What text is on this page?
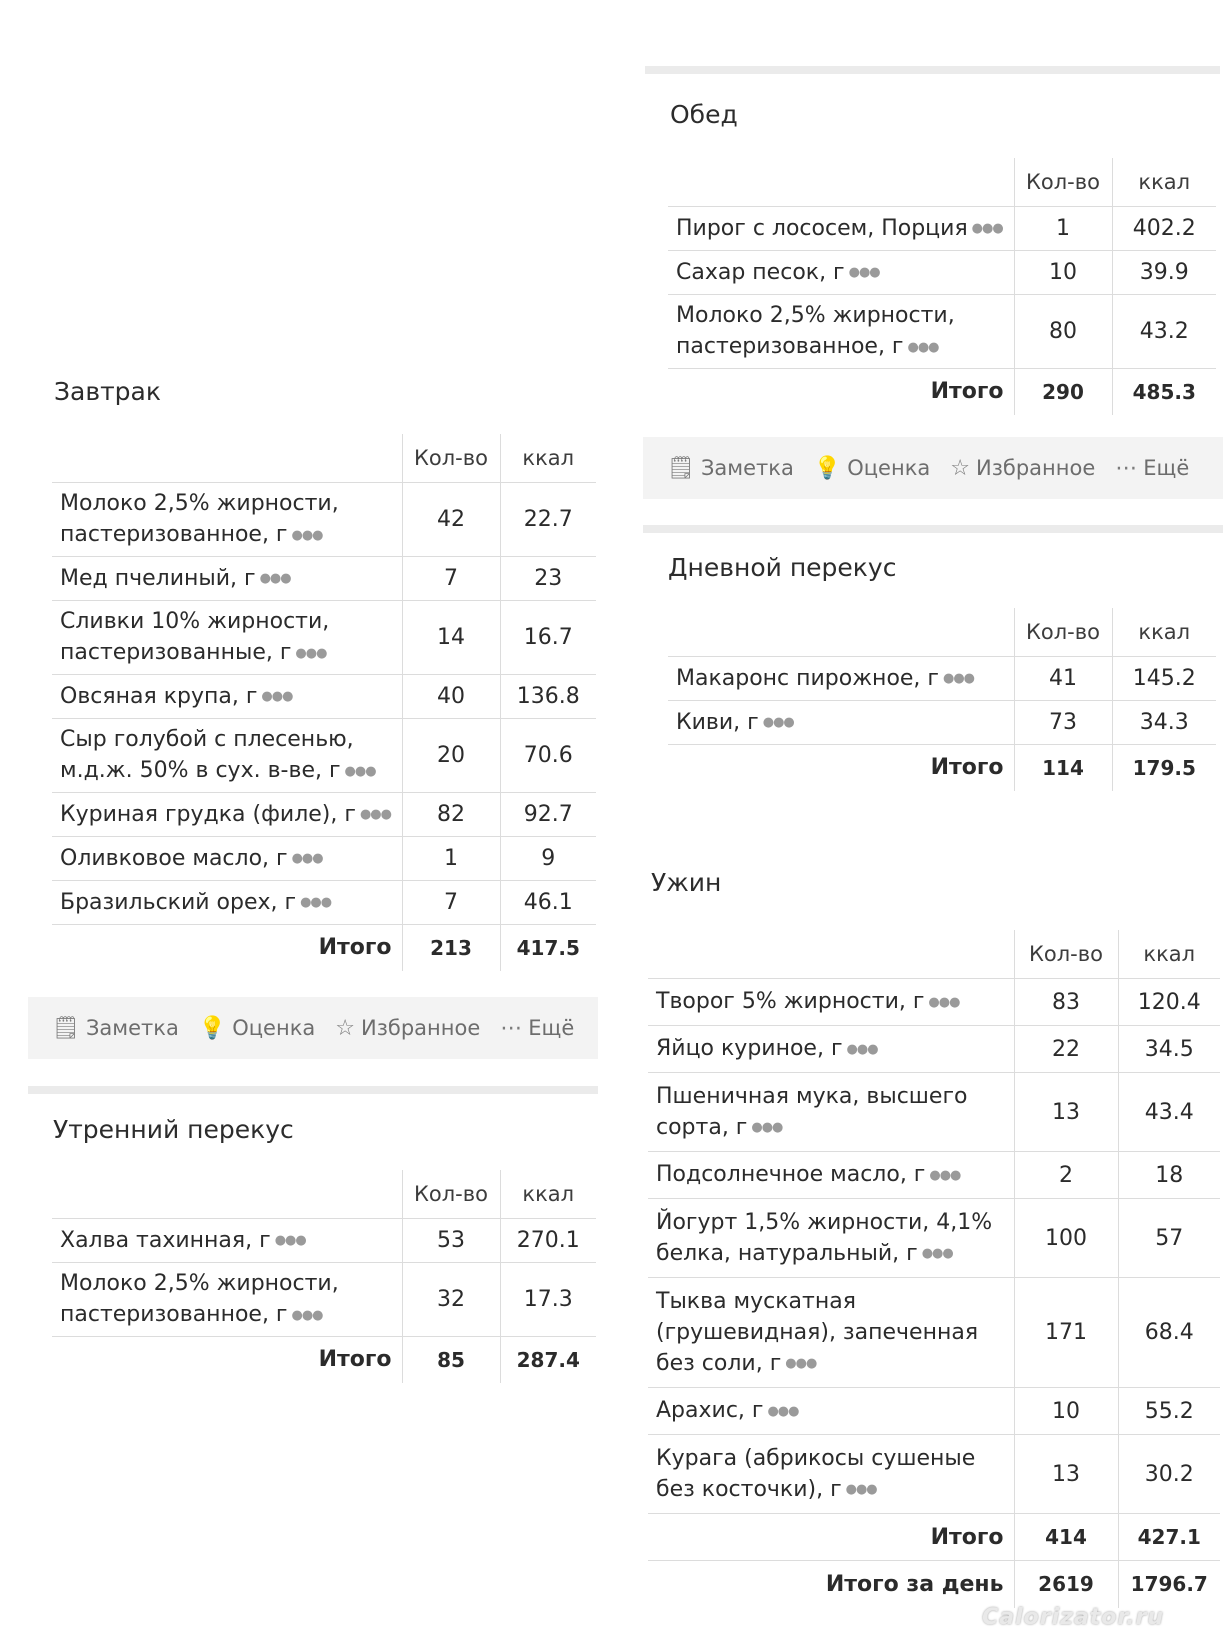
Завтрак
	Кол-во	ккал
Молоко 2,5% жирности,
пастеризованное, г ●●●	42	22.7
Мед пчелиный, г ●●●	7	23
Сливки 10% жирности,
пастеризованные, г ●●●	14	16.7
Овсяная крупа, г ●●●	40	136.8
Сыр голубой с плесенью,
м.д.ж. 50% в сух. в-ве, г ●●●	20	70.6
Куриная грудка (филе), г ●●●	82	92.7
Оливковое масло, г ●●●	1	9
Бразильский орех, г ●●●	7	46.1
Итого	213	417.5
🗒 Заметка 💡 Оценка ☆ Избранное ⋯ Ещё
Утренний перекус
	Кол-во	ккал
Халва тахинная, г ●●●	53	270.1
Молоко 2,5% жирности,
пастеризованное, г ●●●	32	17.3
Итого	85	287.4
Обед
	Кол-во	ккал
Пирог с лососем, Порция ●●●	1	402.2
Сахар песок, г ●●●	10	39.9
Молоко 2,5% жирности,
пастеризованное, г ●●●	80	43.2
Итого	290	485.3
🗒 Заметка 💡 Оценка ☆ Избранное ⋯ Ещё
Дневной перекус
	Кол-во	ккал
Макаронс пирожное, г ●●●	41	145.2
Киви, г ●●●	73	34.3
Итого	114	179.5
Ужин
	Кол-во	ккал
Творог 5% жирности, г ●●●	83	120.4
Яйцо куриное, г ●●●	22	34.5
Пшеничная мука, высшего
сорта, г ●●●	13	43.4
Подсолнечное масло, г ●●●	2	18
Йогурт 1,5% жирности, 4,1%
белка, натуральный, г ●●●	100	57
Тыква мускатная
(грушевидная), запеченная
без соли, г ●●●	171	68.4
Арахис, г ●●●	10	55.2
Курага (абрикосы сушеные
без косточки), г ●●●	13	30.2
Итого	414	427.1
Итого за день	2619	1796.7
Calorizator.ru
